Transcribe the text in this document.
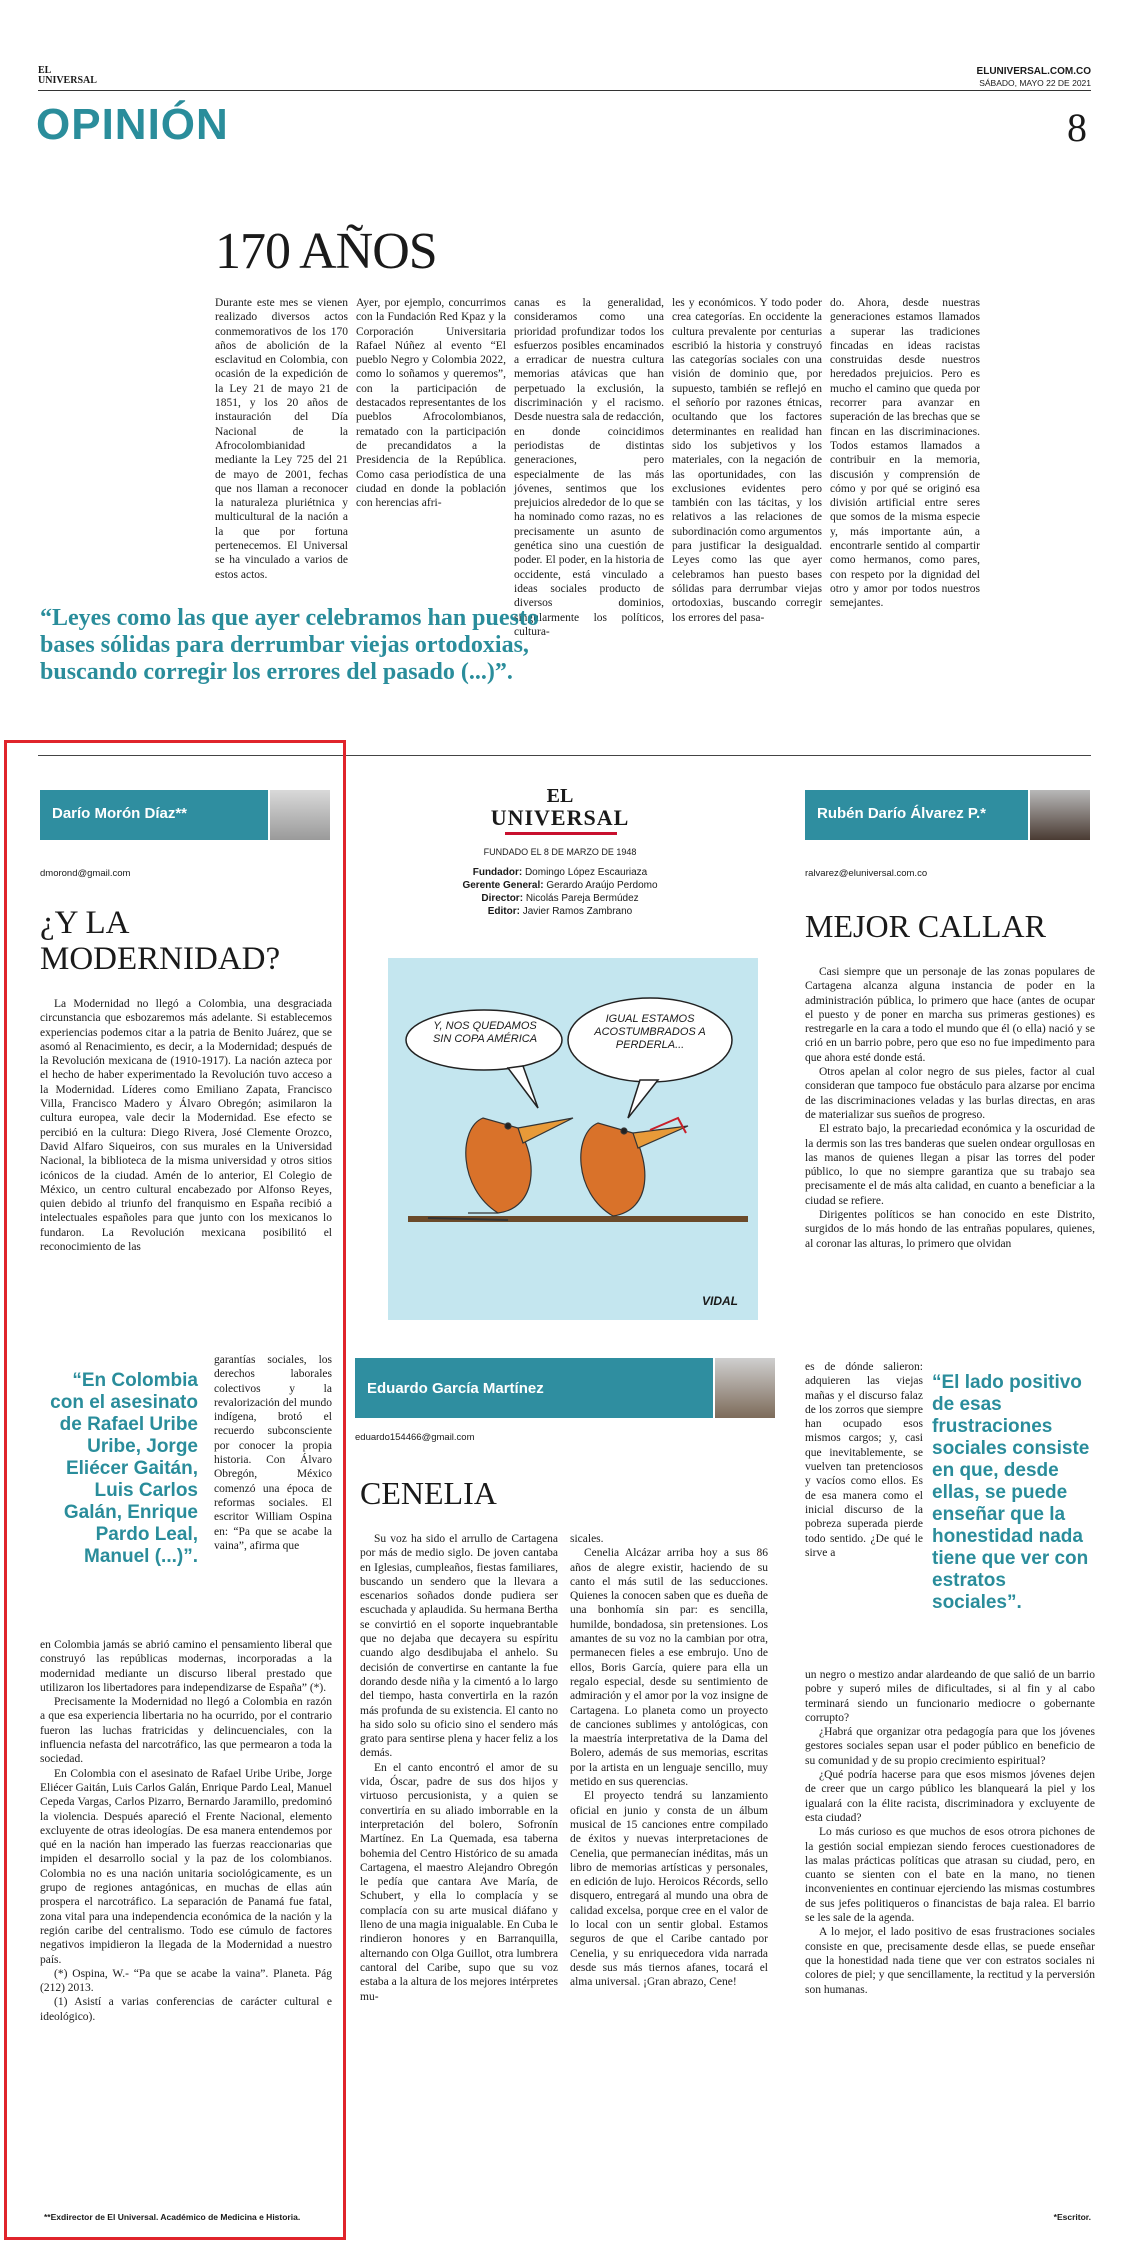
EL
UNIVERSAL
ELUNIVERSAL.COM.CO
SÁBADO, MAYO 22 DE 2021
OPINIÓN	8
170 AÑOS

Durante este mes se vienen realizado diversos actos conmemorativos de los 170 años de abolición de la esclavitud en Colombia, con ocasión de la expedición de la Ley 21 de mayo 21 de 1851, y los 20 años de instauración del Día Nacional de la Afrocolombianidad mediante la Ley 725 del 21 de mayo de 2001, fechas que nos llaman a reconocer la naturaleza pluriétnica y multicultural de la nación a la que por fortuna pertenecemos. El Universal se ha vinculado a varios de estos actos.

Ayer, por ejemplo, concurrimos con la Fundación Red Kpaz y la Corporación Universitaria Rafael Núñez al evento “El pueblo Negro y Colombia 2022, como lo soñamos y queremos”, con la participación de destacados representantes de los pueblos Afrocolombianos, rematado con la participación de precandidatos a la Presidencia de la República. Como casa periodística de una ciudad en donde la población con herencias afri-

canas es la generalidad, consideramos como una prioridad profundizar todos los esfuerzos posibles encaminados a erradicar de nuestra cultura memorias atávicas que han perpetuado la exclusión, la discriminación y el racismo. Desde nuestra sala de redacción, en donde coincidimos periodistas de distintas generaciones, pero especialmente de las más jóvenes, sentimos que los prejuicios alrededor de lo que se ha nominado como razas, no es precisamente un asunto de genética sino una cuestión de poder. El poder, en la historia de occidente, está vinculado a ideas sociales producto de diversos dominios, singularmente los políticos, cultura-

les y económicos. Y todo poder crea categorías. En occidente la cultura prevalente por centurias escribió la historia y construyó las categorías sociales con una visión de dominio que, por supuesto, también se reflejó en el señorío por razones étnicas, ocultando que los factores determinantes en realidad han sido los subjetivos y los materiales, con la negación de las oportunidades, con las exclusiones evidentes pero también con las tácitas, y los relativos a las relaciones de subordinación como argumentos para justificar la desigualdad. Leyes como las que ayer celebramos han puesto bases sólidas para derrumbar viejas ortodoxias, buscando corregir los errores del pasa-

do. Ahora, desde nuestras generaciones estamos llamados a superar las tradiciones fincadas en ideas racistas construidas desde nuestros heredados prejuicios. Pero es mucho el camino que queda por recorrer para avanzar en superación de las brechas que se fincan en las discriminaciones. Todos estamos llamados a contribuir en la memoria, discusión y comprensión de cómo y por qué se originó esa división artificial entre seres que somos de la misma especie y, más importante aún, a encontrarle sentido al compartir como hermanos, como pares, con respeto por la dignidad del otro y amor por todos nuestros semejantes.

“Leyes como las que ayer celebramos han puesto bases sólidas para derrumbar viejas ortodoxias, buscando corregir los errores del pasado (...)”.
Darío Morón Díaz**
dmorond@gmail.com
¿Y LA MODERNIDAD?

La Modernidad no llegó a Colombia, una desgraciada circunstancia que esbozaremos más adelante. Si establecemos experiencias podemos citar a la patria de Benito Juárez, que se asomó al Renacimiento, es decir, a la Modernidad; después de la Revolución mexicana de (1910-1917). La nación azteca por el hecho de haber experimentado la Revolución tuvo acceso a la Modernidad. Líderes como Emiliano Zapata, Francisco Villa, Francisco Madero y Álvaro Obregón; asimilaron la cultura europea, vale decir la Modernidad. Ese efecto se percibió en la cultura: Diego Rivera, José Clemente Orozco, David Alfaro Siqueiros, con sus murales en la Universidad Nacional, la biblioteca de la misma universidad y otros sitios icónicos de la ciudad. Amén de lo anterior, El Colegio de México, un centro cultural encabezado por Alfonso Reyes, quien debido al triunfo del franquismo en España recibió a intelectuales españoles para que junto con los mexicanos lo fundaron. La Revolución mexicana posibilitó el reconocimiento de las

“En Colombia con el asesinato de Rafael Uribe Uribe, Jorge Eliécer Gaitán, Luis Carlos Galán, Enrique Pardo Leal, Manuel (...)”.

garantías sociales, los derechos laborales colectivos y la revalorización del mundo indígena, brotó el recuerdo subconsciente por conocer la propia historia. Con Álvaro Obregón, México comenzó una época de reformas sociales. El escritor William Ospina en: “Pa que se acabe la vaina”, afirma que

en Colombia jamás se abrió camino el pensamiento liberal que construyó las repúblicas modernas, incorporadas a la modernidad mediante un discurso liberal prestado que utilizaron los libertadores para independizarse de España” (*).

Precisamente la Modernidad no llegó a Colombia en razón a que esa experiencia libertaria no ha ocurrido, por el contrario fueron las luchas fratricidas y delincuenciales, con la influencia nefasta del narcotráfico, las que permearon a toda la sociedad.

En Colombia con el asesinato de Rafael Uribe Uribe, Jorge Eliécer Gaitán, Luis Carlos Galán, Enrique Pardo Leal, Manuel Cepeda Vargas, Carlos Pizarro, Bernardo Jaramillo, predominó la violencia. Después apareció el Frente Nacional, elemento excluyente de otras ideologías. De esa manera entendemos por qué en la nación han imperado las fuerzas reaccionarias que impiden el desarrollo social y la paz de los colombianos. Colombia no es una nación unitaria sociológicamente, es un grupo de regiones antagónicas, en muchas de ellas aún prospera el narcotráfico. La separación de Panamá fue fatal, zona vital para una independencia económica de la nación y la región caribe del centralismo. Todo ese cúmulo de factores negativos impidieron la llegada de la Modernidad a nuestro país.

(*) Ospina, W.- “Pa que se acabe la vaina”. Planeta. Pág (212) 2013.

(1) Asistí a varias conferencias de carácter cultural e ideológico).

**Exdirector de El Universal. Académico de Medicina e Historia.
EL
UNIVERSAL
FUNDADO EL 8 DE MARZO DE 1948
Fundador: Domingo López Escauriaza
Gerente General: Gerardo Araújo Perdomo
Director: Nicolás Pareja Bermúdez
Editor: Javier Ramos Zambrano
Y, NOS QUEDAMOS SIN COPA AMÉRICA
IGUAL ESTAMOS ACOSTUMBRADOS A PERDERLA...
VIDAL
Eduardo García Martínez
eduardo154466@gmail.com
CENELIA

Su voz ha sido el arrullo de Cartagena por más de medio siglo. De joven cantaba en Iglesias, cumpleaños, fiestas familiares, buscando un sendero que la llevara a escenarios soñados donde pudiera ser escuchada y aplaudida. Su hermana Bertha se convirtió en el soporte inquebrantable que no dejaba que decayera su espíritu cuando algo desdibujaba el anhelo. Su decisión de convertirse en cantante la fue dorando desde niña y la cimentó a lo largo del tiempo, hasta convertirla en la razón más profunda de su existencia. El canto no ha sido solo su oficio sino el sendero más grato para sentirse plena y hacer feliz a los demás.

En el canto encontró el amor de su vida, Óscar, padre de sus dos hijos y virtuoso percusionista, y a quien se convertiría en su aliado imborrable en la interpretación del bolero, Sofronín Martínez. En La Quemada, esa taberna bohemia del Centro Histórico de su amada Cartagena, el maestro Alejandro Obregón le pedía que cantara Ave María, de Schubert, y ella lo complacía y se complacía con su arte musical diáfano y lleno de una magia inigualable. En Cuba le rindieron honores y en Barranquilla, alternando con Olga Guillot, otra lumbrera cantoral del Caribe, supo que su voz estaba a la altura de los mejores intérpretes mu-

sicales.

Cenelia Alcázar arriba hoy a sus 86 años de alegre existir, haciendo de su canto el más sutil de las seducciones. Quienes la conocen saben que es dueña de una bonhomía sin par: es sencilla, humilde, bondadosa, sin pretensiones. Los amantes de su voz no la cambian por otra, permanecen fieles a ese embrujo. Uno de ellos, Boris García, quiere para ella un regalo especial, desde su sentimiento de admiración y el amor por la voz insigne de Cartagena. Lo planeta como un proyecto de canciones sublimes y antológicas, con la maestría interpretativa de la Dama del Bolero, además de sus memorias, escritas por la artista en un lenguaje sencillo, muy metido en sus querencias.

El proyecto tendrá su lanzamiento oficial en junio y consta de un álbum musical de 15 canciones entre compilado de éxitos y nuevas interpretaciones de Cenelia, que permanecían inéditas, más un libro de memorias artísticas y personales, en edición de lujo. Heroicos Récords, sello disquero, entregará al mundo una obra de calidad excelsa, porque cree en el valor de lo local con un sentir global. Estamos seguros de que el Caribe cantado por Cenelia, y su enriquecedora vida narrada desde sus más tiernos afanes, tocará el alma universal. ¡Gran abrazo, Cene!

Rubén Darío Álvarez P.*
ralvarez@eluniversal.com.co
MEJOR CALLAR

Casi siempre que un personaje de las zonas populares de Cartagena alcanza alguna instancia de poder en la administración pública, lo primero que hace (antes de ocupar el puesto y de poner en marcha sus primeras gestiones) es restregarle en la cara a todo el mundo que él (o ella) nació y se crió en un barrio pobre, pero que eso no fue impedimento para que ahora esté donde está.

Otros apelan al color negro de sus pieles, factor al cual consideran que tampoco fue obstáculo para alzarse por encima de las discriminaciones veladas y las burlas directas, en aras de materializar sus sueños de progreso.

El estrato bajo, la precariedad económica y la oscuridad de la dermis son las tres banderas que suelen ondear orgullosas en las manos de quienes llegan a pisar las torres del poder público, lo que no siempre garantiza que su trabajo sea precisamente el de más alta calidad, en cuanto a beneficiar a la ciudad se refiere.

Dirigentes políticos se han conocido en este Distrito, surgidos de lo más hondo de las entrañas populares, quienes, al coronar las alturas, lo primero que olvidan

es de dónde salieron: adquieren las viejas mañas y el discurso falaz de los zorros que siempre han ocupado esos mismos cargos; y, casi que inevitablemente, se vuelven tan pretenciosos y vacíos como ellos. Es de esa manera como el inicial discurso de la pobreza superada pierde todo sentido. ¿De qué le sirve a

“El lado positivo de esas frustraciones sociales consiste en que, desde ellas, se puede enseñar que la honestidad nada tiene que ver con estratos sociales”.

un negro o mestizo andar alardeando de que salió de un barrio pobre y superó miles de dificultades, si al fin y al cabo terminará siendo un funcionario mediocre o gobernante corrupto?

¿Habrá que organizar otra pedagogía para que los jóvenes gestores sociales sepan usar el poder público en beneficio de su comunidad y de su propio crecimiento espiritual?

¿Qué podría hacerse para que esos mismos jóvenes dejen de creer que un cargo público les blanqueará la piel y los igualará con la élite racista, discriminadora y excluyente de esta ciudad?

Lo más curioso es que muchos de esos otrora pichones de la gestión social empiezan siendo feroces cuestionadores de las malas prácticas políticas que atrasan su ciudad, pero, en cuanto se sienten con el bate en la mano, no tienen inconvenientes en continuar ejerciendo las mismas costumbres de sus jefes politiqueros o financistas de baja ralea. El barrio se les sale de la agenda.

A lo mejor, el lado positivo de esas frustraciones sociales consiste en que, precisamente desde ellas, se puede enseñar que la honestidad nada tiene que ver con estratos sociales ni colores de piel; y que sencillamente, la rectitud y la perversión son humanas.

*Escritor.
